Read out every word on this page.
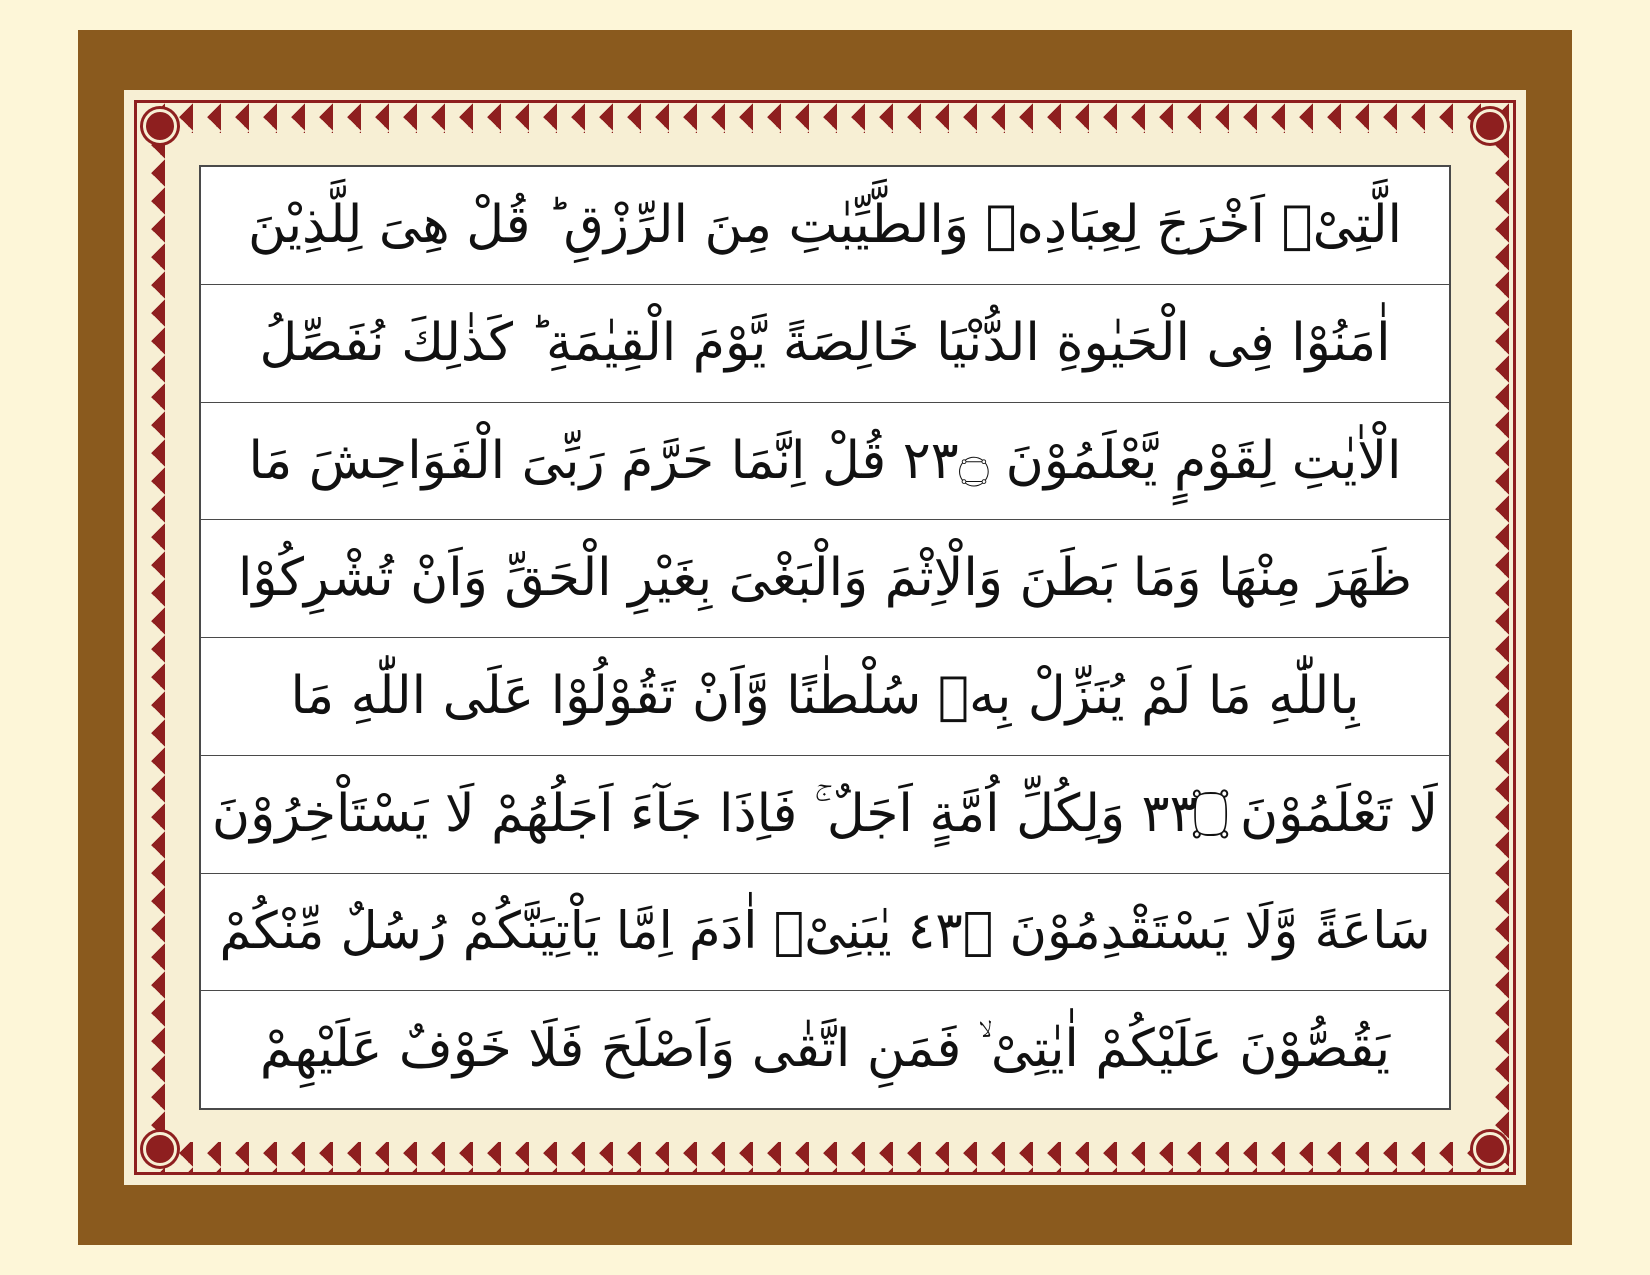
الَّتِىْۤ اَخْرَجَ لِعِبَادِهٖ وَالطَّيِّبٰتِ مِنَ الرِّزْقِ ؕ قُلْ هِىَ لِلَّذِيْنَ
اٰمَنُوْا فِى الْحَيٰوةِ الدُّنْيَا خَالِصَةً يَّوْمَ الْقِيٰمَةِ ؕ كَذٰلِكَ نُفَصِّلُ
الْاٰيٰتِ لِقَوْمٍ يَّعْلَمُوْنَ ۝٣٢ قُلْ اِنَّمَا حَرَّمَ رَبِّىَ الْفَوَاحِشَ مَا
ظَهَرَ مِنْهَا وَمَا بَطَنَ وَالْاِثْمَ وَالْبَغْىَ بِغَيْرِ الْحَقِّ وَاَنْ تُشْرِكُوْا
بِاللّٰهِ مَا لَمْ يُنَزِّلْ بِهٖ سُلْطٰنًا وَّاَنْ تَقُوْلُوْا عَلَى اللّٰهِ مَا
لَا تَعْلَمُوْنَ ۝٣٣ وَلِكُلِّ اُمَّةٍ اَجَلٌ ۚ فَاِذَا جَآءَ اَجَلُهُمْ لَا يَسْتَاْخِرُوْنَ
سَاعَةً وَّلَا يَسْتَقْدِمُوْنَ ۝٣٤ يٰبَنِىْۤ اٰدَمَ اِمَّا يَاْتِيَنَّكُمْ رُسُلٌ مِّنْكُمْ
يَقُصُّوْنَ عَلَيْكُمْ اٰيٰتِىْ ۙ فَمَنِ اتَّقٰى وَاَصْلَحَ فَلَا خَوْفٌ عَلَيْهِمْ
